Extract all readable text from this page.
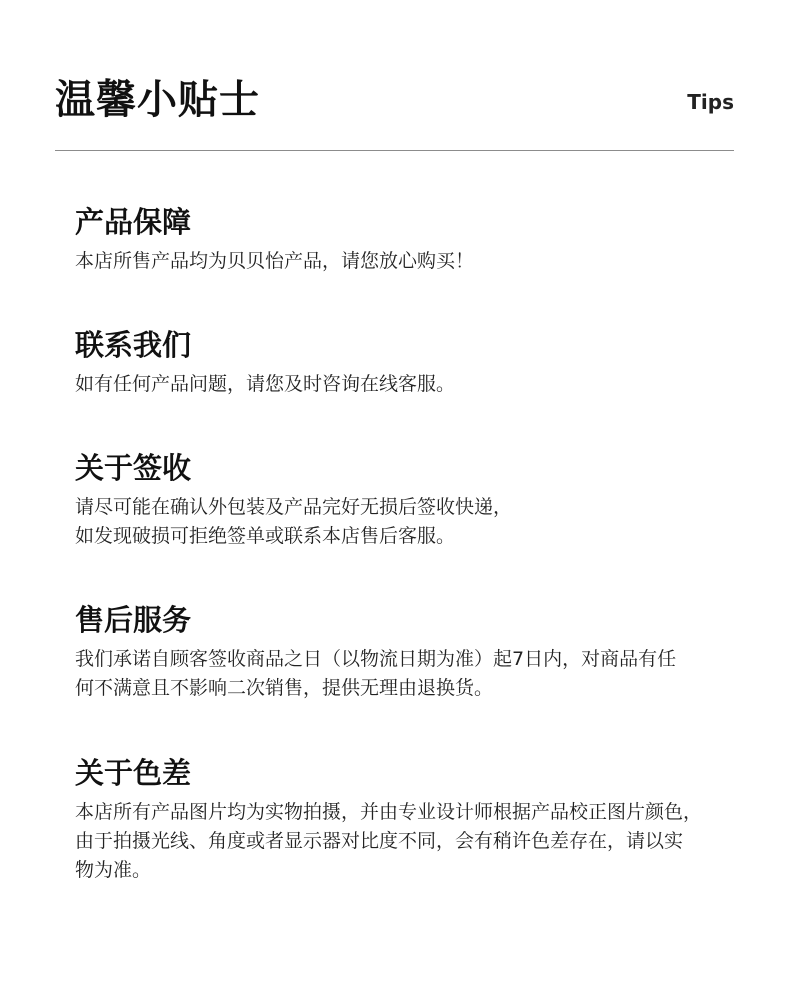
温馨小贴士	Tips
产品保障
本店所售产品均为贝贝怡产品，请您放心购买！
联系我们
如有任何产品问题，请您及时咨询在线客服。
关于签收
请尽可能在确认外包装及产品完好无损后签收快递，
如发现破损可拒绝签单或联系本店售后客服。
售后服务
我们承诺自顾客签收商品之日（以物流日期为准）起7日内，对商品有任
何不满意且不影响二次销售，提供无理由退换货。
关于色差
本店所有产品图片均为实物拍摄，并由专业设计师根据产品校正图片颜色，
由于拍摄光线、角度或者显示器对比度不同，会有稍许色差存在，请以实
物为准。
